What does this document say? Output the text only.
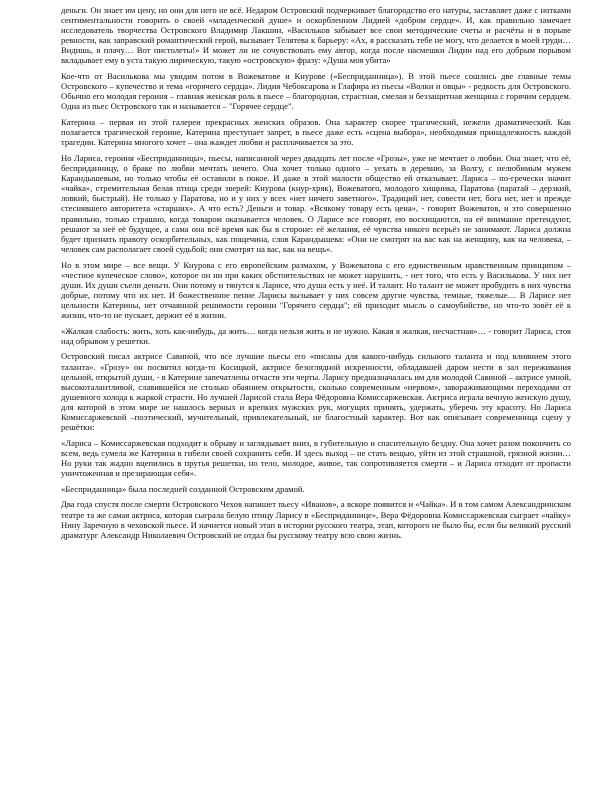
деньги. Он знает им цену, но они для него не всё. Недаром Островский подчеркивает благородство его натуры, заставляет даже с нотками сентиментальности говорить о своей «младенческой душе» и оскорбленном Лидией «добром сердце». И, как правильно замечает исследователь творчества Островского Владимир Лакшин, «Васильков забывает все свои методические счеты и расчёты и в порыве ревности, как заправский романтический герой, вызывает Телятева к барьеру: «Ах, я рассказать тебе не могу, что делается в моей груди… Видишь, я плачу… Вот пистолеты!» И может ли не сочувствовать ему автор, когда после насмешки Лидии над его добрым порывом вкладывает ему в уста такую лирическую, такую «островскую» фразу: «Душа моя убита»

Кое-что от Василькова мы увидим потом в Вожеватове и Кнурове («Бесприданница»). В этой пьесе сошлись две главные темы Островского – купечество и тема «горячего сердца». Лидия Чебоксарова и Глафира из пьесы «Волки и овцы» - редкость для Островского. Обычно его молодая героиня – главная женская роль в пьесе – благородная, страстная, смелая и беззащитная женщина с горячим сердцем. Одна из пьес Островского так и называется – "Горячее сердце".

Катерина – первая из этой галереи прекрасных женских образов. Она характер скорее трагический, нежели драматический. Как полагается трагической героине, Катерина преступает запрет, в пьесе даже есть «сцена выбора», необходимая принадлежность каждой трагедии. Катерина многого хочет – она жаждет любви и расплачивается за это.

Но Лариса, героиня «Бесприданницы», пьесы, написанной через двадцать лет после «Грозы», уже не мечтает о любви. Она знает, что её, бесприданницу, о браке по любви мечтать нечего. Она хочет только одного – уехать в деревню, за Волгу, с нелюбимым мужем Карандышевым, но только чтобы её оставили в покое. И даже в этой малости обществo ей отказывает. Лариса – по-гречески значит «чайка», стремительная белая птица среди зверей: Кнурова (кнур-хряк), Вожеватого, молодого хищника, Паратова (паратай – дерзкий, ловкий, быстрый). Не только у Паратова, но и у них у всех «нет ничего заветного». Традиций нет, совести нет, бога нет, нет и прежде стеснявшего авторитета «старших». А что есть? Деньги и товар. «Всякому товару есть цена», - говорит Вожеватов, и это совершенно правильно, только страшно, когда товаром оказывается человек. О Ларисе все говорят, ею восхищаются, на её внимание претендуют, решают за неё её будущее, а сама она всё время как бы в стороне: её желания, её чувства никого всерьёз не занимают. Лариса должна будет признать правоту оскорбительных, как пощечина, слов Карандышева: «Они не смотрят на вас как на женщину, как на человека, – человек сам располагает своей судьбой; они смотрят на вас, как на вещь».

Но в этом мире – все вещи. У Кнурова с его европейским размахом, у Вожеватова с его единственным нравственным принципом – «честное купеческое слово», которое он ни при каких обстоятельствах не может нарушить, - нет того, что есть у Василькова. У них нет души. Их души съели деньги. Они потому и тянутся к Ларисе, что душа есть у неё. И талант. Но талант не может пробудить в них чувства добрые, потому что их нет. И божественное пение Ларисы вызывает у них совсем другие чувства, темные, тяжелые… В Ларисе нет цельности Катерины, нет отчаянной решимости героини "Горячего сердца"; ей приходит мысль о самоубийстве, но что-то зовёт её к жизни, что-то не пускает, держит её в жизни.

«Жалкая слабость: жить, хоть как-нибудь, да жить… когда нельзя жить и не нужно. Какая я жалкая, несчастная»… - говорит Лариса, стоя над обрывом у решетки.

Островский писал актрисе Савиной, что все лучшие пьесы его «писаны для какого-нибудь сильного таланта и под влиянием этого таланта». «Грозу» он посвятил когда-то Косицкой, актрисе безоглядной искренности, обладавшей даром нести в зал переживания цельной, открытой души, - в Катерине запечатлены отчасти эти черты. Ларису предназначалась им для молодой Савиной – актрисе умной, высокоталантливой, славившейся не столько обаянием открытости, сколько современным «нервом», завораживающими переходами от душевного холода к жаркой страсти. Но лучшей Ларисой стала Вера Фёдоровна Комиссаржевская. Актриса играла вечную женскую душу, для которой в этом мире не нашлось верных и крепких мужских рук, могущих принять, удержать, уберечь эту красоту. Но Лариса Комиссаржевской –поэтический, мучительный, привлекательный, не благостный характер. Вот как описывает современница сцену у решётки:

«Лариса – Комиссаржевская подходит к обрыву и заглядывает вниз, в губительную и спасительную бездну. Она хочет разом покончить со всем, ведь сумела же Катерина в гибели своей сохранить себя. И здесь выход – не стать вещью, уйти из этой страшной, грязной жизни… Но руки так жадно вцепились в прутья решетки, но тело, молодое, живое, так сопротивляется смерти – и Лариса отходит от пропасти уничтоженная и презирающая себя».

«Бесприданница» была последней созданной Островским драмой.

Два года спустя после смерти Островского Чехов напишет пьесу «Иванов», а вскоре появится и «Чайка». И в том самом Александринском театре та же самая актриса, которая сыграла белую птицу Ларису в «Бесприданнице», Вера Фёдоровна Комиссаржевская сыграет «чайку» Нину Заречную в чеховской пьесе. И начнется новый этап в истории русского театра, этап, которого не было бы, если бы великий русский драматург Александр Николаевич Островский не отдал бы русскому театру всю свою жизнь.
